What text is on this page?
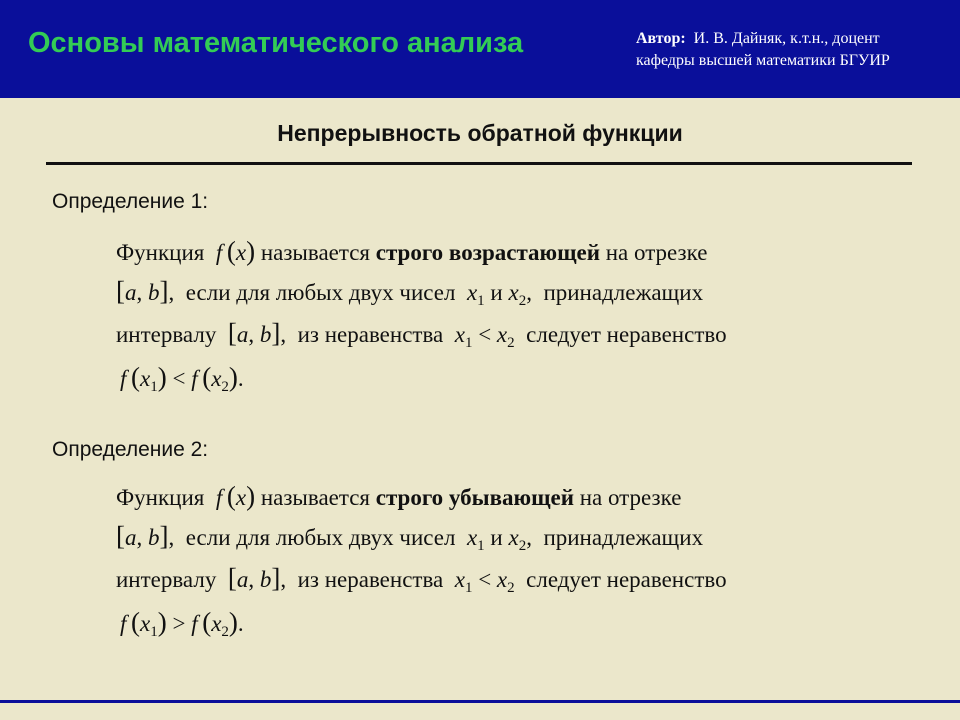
Основы математического анализа	Автор: И. В. Дайняк, к.т.н., доцент
кафедры высшей математики БГУИР
Непрерывность обратной функции
Определение 1:
Функция f  (x) называется строго возрастающей на отрезке
[a, b],  если для любых двух чисел $x_1$ и $x_2$,  принадлежащих
интервалу [a, b],  из неравенства $x_1 < x_2$ следует неравенство
f  $(x_1) < f$  $(x_2)$.
Определение 2:
Функция f  (x) называется строго убывающей на отрезке
[a, b],  если для любых двух чисел $x_1$ и $x_2$,  принадлежащих
интервалу [a, b],  из неравенства $x_1 < x_2$ следует неравенство
f  $(x_1) > f$  $(x_2)$.
